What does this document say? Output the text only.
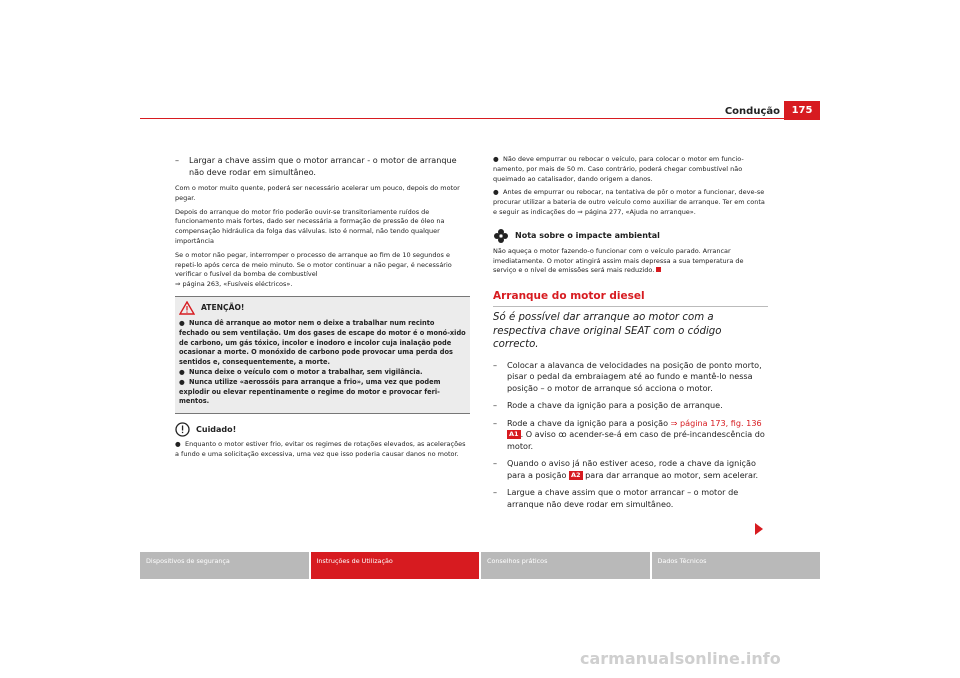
Condução	175
– Largar a chave assim que o motor arrancar - o motor de arranque não deve rodar em simultâneo.

Com o motor muito quente, poderá ser necessário acelerar um pouco, depois do motor pegar.

Depois do arranque do motor frio poderão ouvir-se transitoriamente ruídos de funcionamento mais fortes, dado ser necessária a formação de pressão de óleo na compensação hidráulica da folga das válvulas. Isto é normal, não tendo qualquer importância

Se o motor não pegar, interromper o processo de arranque ao fim de 10 segundos e repeti-lo após cerca de meio minuto. Se o motor continuar a não pegar, é necessário verificar o fusível da bomba de combustível
⇒ página 263, «Fusíveis eléctricos».

ATENÇÃO!
● Nunca dê arranque ao motor nem o deixe a trabalhar num recinto fechado ou sem ventilação. Um dos gases de escape do motor é o monó-xido de carbono, um gás tóxico, incolor e inodoro e incolor cuja inalação pode ocasionar a morte. O monóxido de carbono pode provocar uma perda dos sentidos e, consequentemente, a morte.
● Nunca deixe o veículo com o motor a trabalhar, sem vigilância.
● Nunca utilize «aerossóis para arranque a frio», uma vez que podem explodir ou elevar repentinamente o regime do motor e provocar feri-mentos.
Cuidado!
● Enquanto o motor estiver frio, evitar os regimes de rotações elevados, as acelerações a fundo e uma solicitação excessiva, uma vez que isso poderia causar danos no motor.
● Não deve empurrar ou rebocar o veículo, para colocar o motor em funcio-namento, por mais de 50 m. Caso contrário, poderá chegar combustível não queimado ao catalisador, dando origem a danos.
● Antes de empurrar ou rebocar, na tentativa de pôr o motor a funcionar, deve-se procurar utilizar a bateria de outro veículo como auxiliar de arranque. Ter em conta e seguir as indicações do ⇒ página 277, «Ajuda no arranque».
Nota sobre o impacte ambiental

Não aqueça o motor fazendo-o funcionar com o veículo parado. Arrancar imediatamente. O motor atingirá assim mais depressa a sua temperatura de serviço e o nível de emissões será mais reduzido.

Arranque do motor diesel
Só é possível dar arranque ao motor com a respectiva chave original SEAT com o código correcto.
– Colocar a alavanca de velocidades na posição de ponto morto, pisar o pedal da embraiagem até ao fundo e mantê-lo nessa posição – o motor de arranque só acciona o motor.
– Rode a chave da ignição para a posição de arranque.
– Rode a chave da ignição para a posição ⇒ página 173, fig. 136 A1 . O aviso ꝏ acender-se-á em caso de pré-incandescência do motor.
– Quando o aviso já não estiver aceso, rode a chave da ignição para a posição A2 para dar arranque ao motor, sem acelerar.
– Largue a chave assim que o motor arrancar – o motor de arranque não deve rodar em simultâneo.
Dispositivos de segurança	Instruções de Utilização	Conselhos práticos	Dados Técnicos
carmanualsonline.info
